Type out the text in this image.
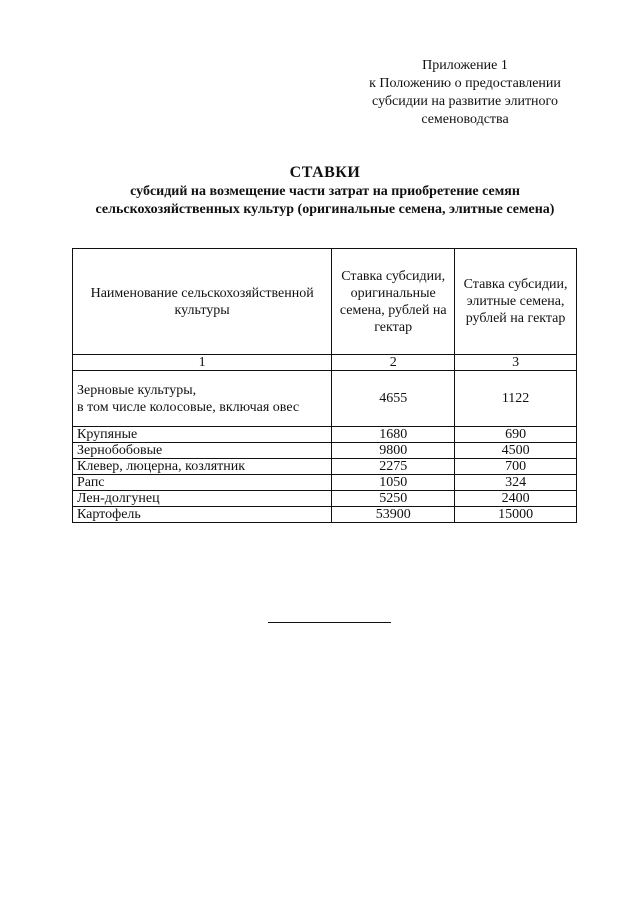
Приложение 1
к Положению о предоставлении
субсидии на развитие элитного
семеноводства
СТАВКИ
субсидий на возмещение части затрат на приобретение семян
сельскохозяйственных культур (оригинальные семена, элитные семена)
Наименование сельскохозяйственной культуры	Ставка субсидии, оригинальные семена, рублей на гектар	Ставка субсидии, элитные семена, рублей на гектар
1	2	3

Зерновые культуры,
в том числе колосовые, включая овес	4655	1122
Крупяные	1680	690
Зернобобовые	9800	4500
Клевер, люцерна, козлятник	2275	700
Рапс	1050	324
Лен-долгунец	5250	2400
Картофель	53900	15000
